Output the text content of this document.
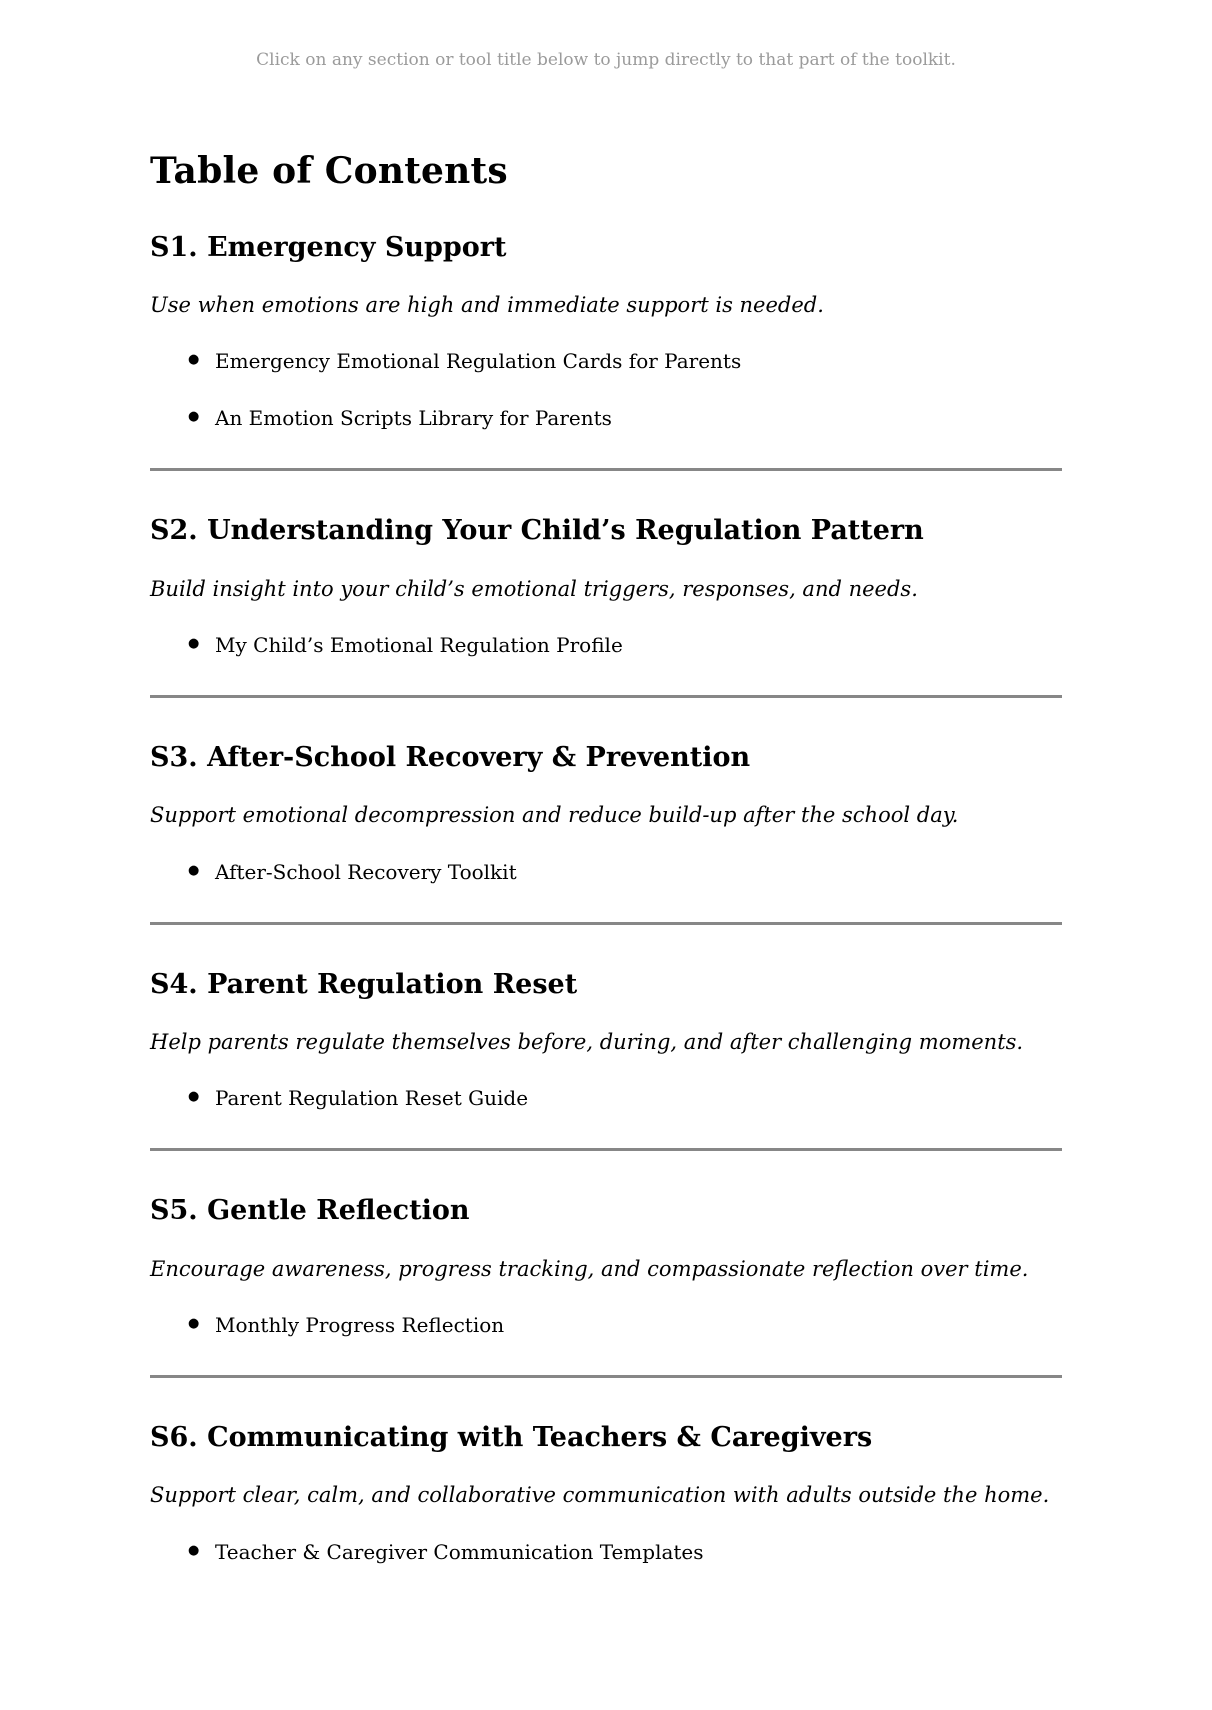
Click on any section or tool title below to jump directly to that part of the toolkit.

Table of Contents
S1. Emergency Support

Use when emotions are high and immediate support is needed.

● Emergency Emotional Regulation Cards for Parents
● An Emotion Scripts Library for Parents
S2. Understanding Your Child’s Regulation Pattern

Build insight into your child’s emotional triggers, responses, and needs.

● My Child’s Emotional Regulation Profile
S3. After-School Recovery & Prevention

Support emotional decompression and reduce build-up after the school day.

● After-School Recovery Toolkit
S4. Parent Regulation Reset

Help parents regulate themselves before, during, and after challenging moments.

● Parent Regulation Reset Guide
S5. Gentle Reflection

Encourage awareness, progress tracking, and compassionate reflection over time.

● Monthly Progress Reflection
S6. Communicating with Teachers & Caregivers

Support clear, calm, and collaborative communication with adults outside the home.

● Teacher & Caregiver Communication Templates
